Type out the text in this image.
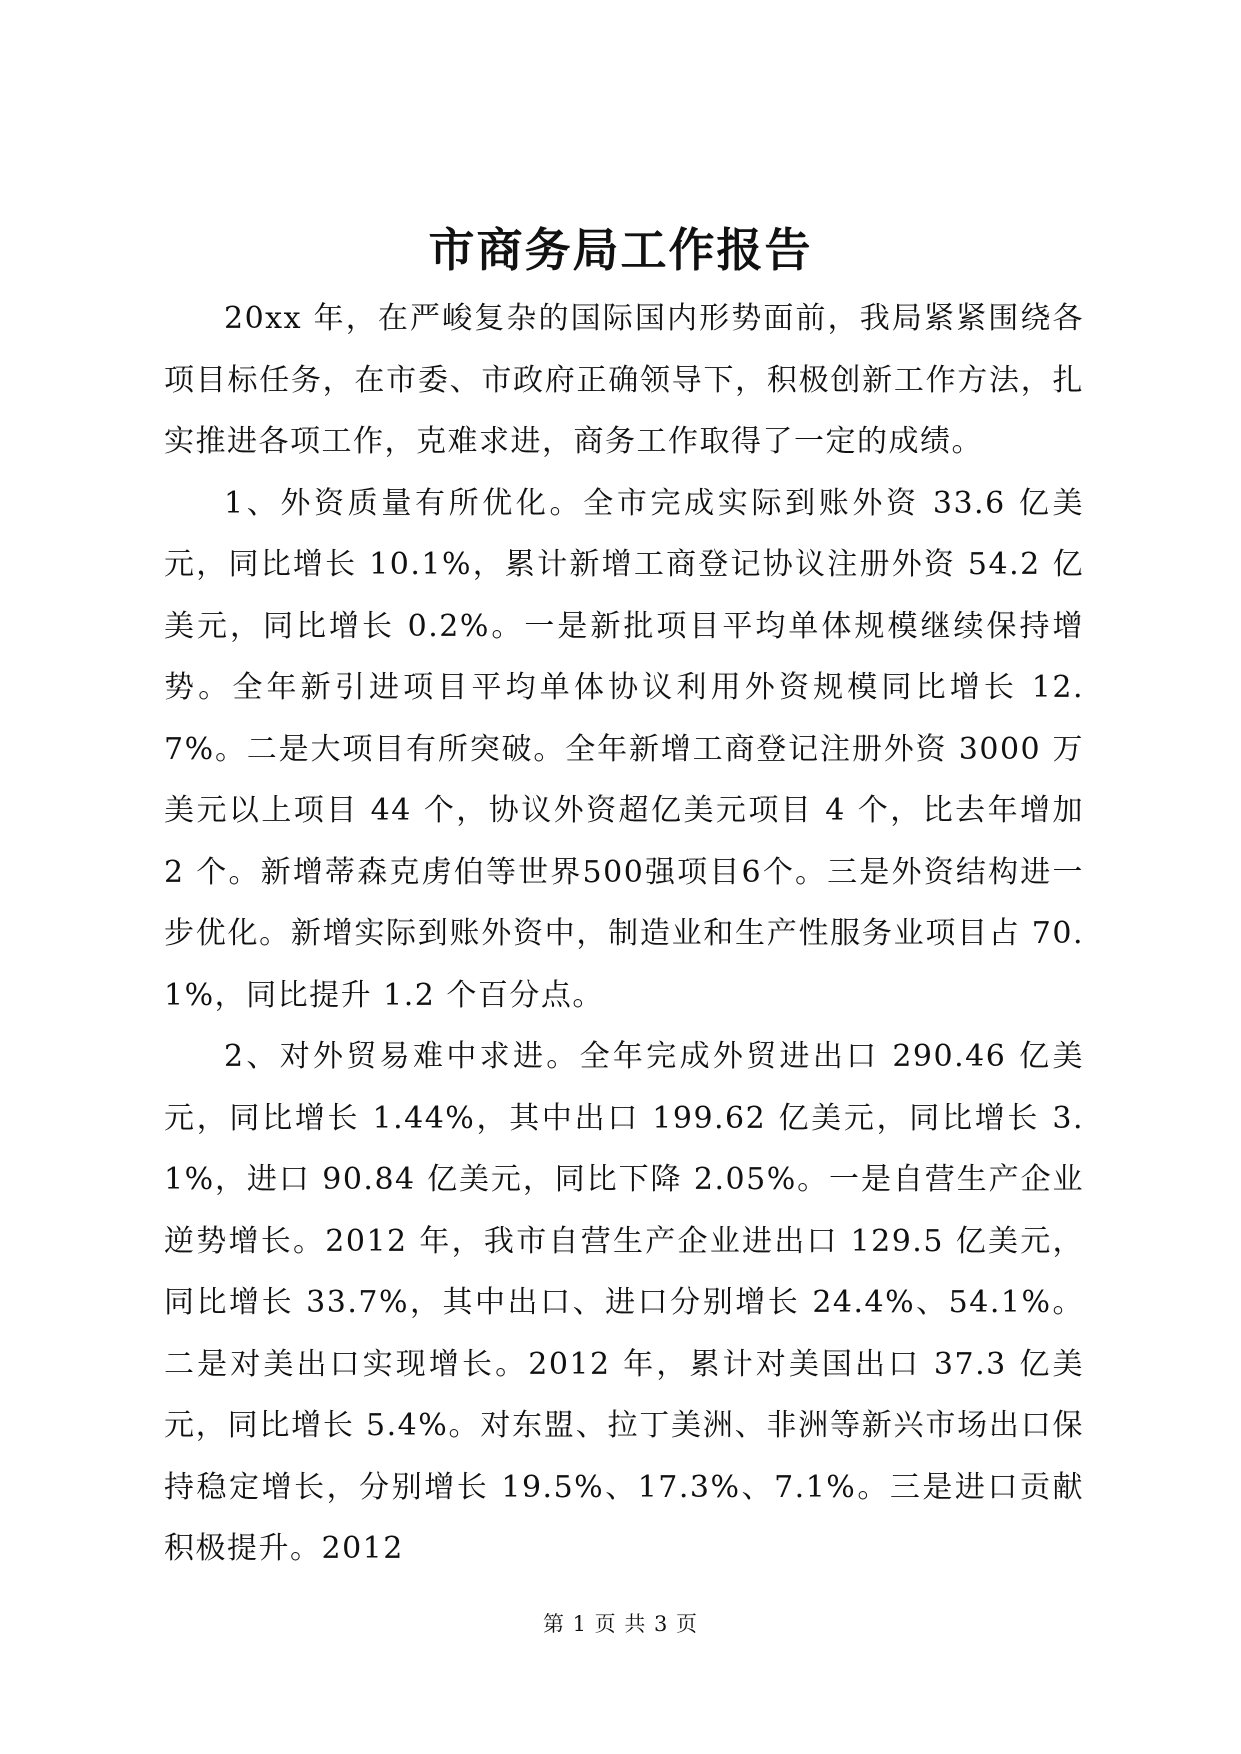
市商务局工作报告

20xx 年，在严峻复杂的国际国内形势面前，我局紧紧围绕各项目标任务，在市委、市政府正确领导下，积极创新工作方法，扎实推进各项工作，克难求进，商务工作取得了一定的成绩。

1、外资质量有所优化。全市完成实际到账外资 33.6 亿美元，同比增长 10.1%，累计新增工商登记协议注册外资 54.2 亿美元，同比增长 0.2%。一是新批项目平均单体规模继续保持增势。全年新引进项目平均单体协议利用外资规模同比增长 12.7%。二是大项目有所突破。全年新增工商登记注册外资 3000 万美元以上项目 44 个，协议外资超亿美元项目 4 个，比去年增加 2 个。新增蒂森克虏伯等世界500强项目6个。三是外资结构进一步优化。新增实际到账外资中，制造业和生产性服务业项目占 70.1%，同比提升 1.2 个百分点。

2、对外贸易难中求进。全年完成外贸进出口 290.46 亿美元，同比增长 1.44%，其中出口 199.62 亿美元，同比增长 3.1%，进口 90.84 亿美元，同比下降 2.05%。一是自营生产企业逆势增长。2012 年，我市自营生产企业进出口 129.5 亿美元，同比增长 33.7%，其中出口、进口分别增长 24.4%、54.1%。二是对美出口实现增长。2012 年，累计对美国出口 37.3 亿美元，同比增长 5.4%。对东盟、拉丁美洲、非洲等新兴市场出口保持稳定增长，分别增长 19.5%、17.3%、7.1%。三是进口贡献积极提升。2012

第 1 页 共 3 页
